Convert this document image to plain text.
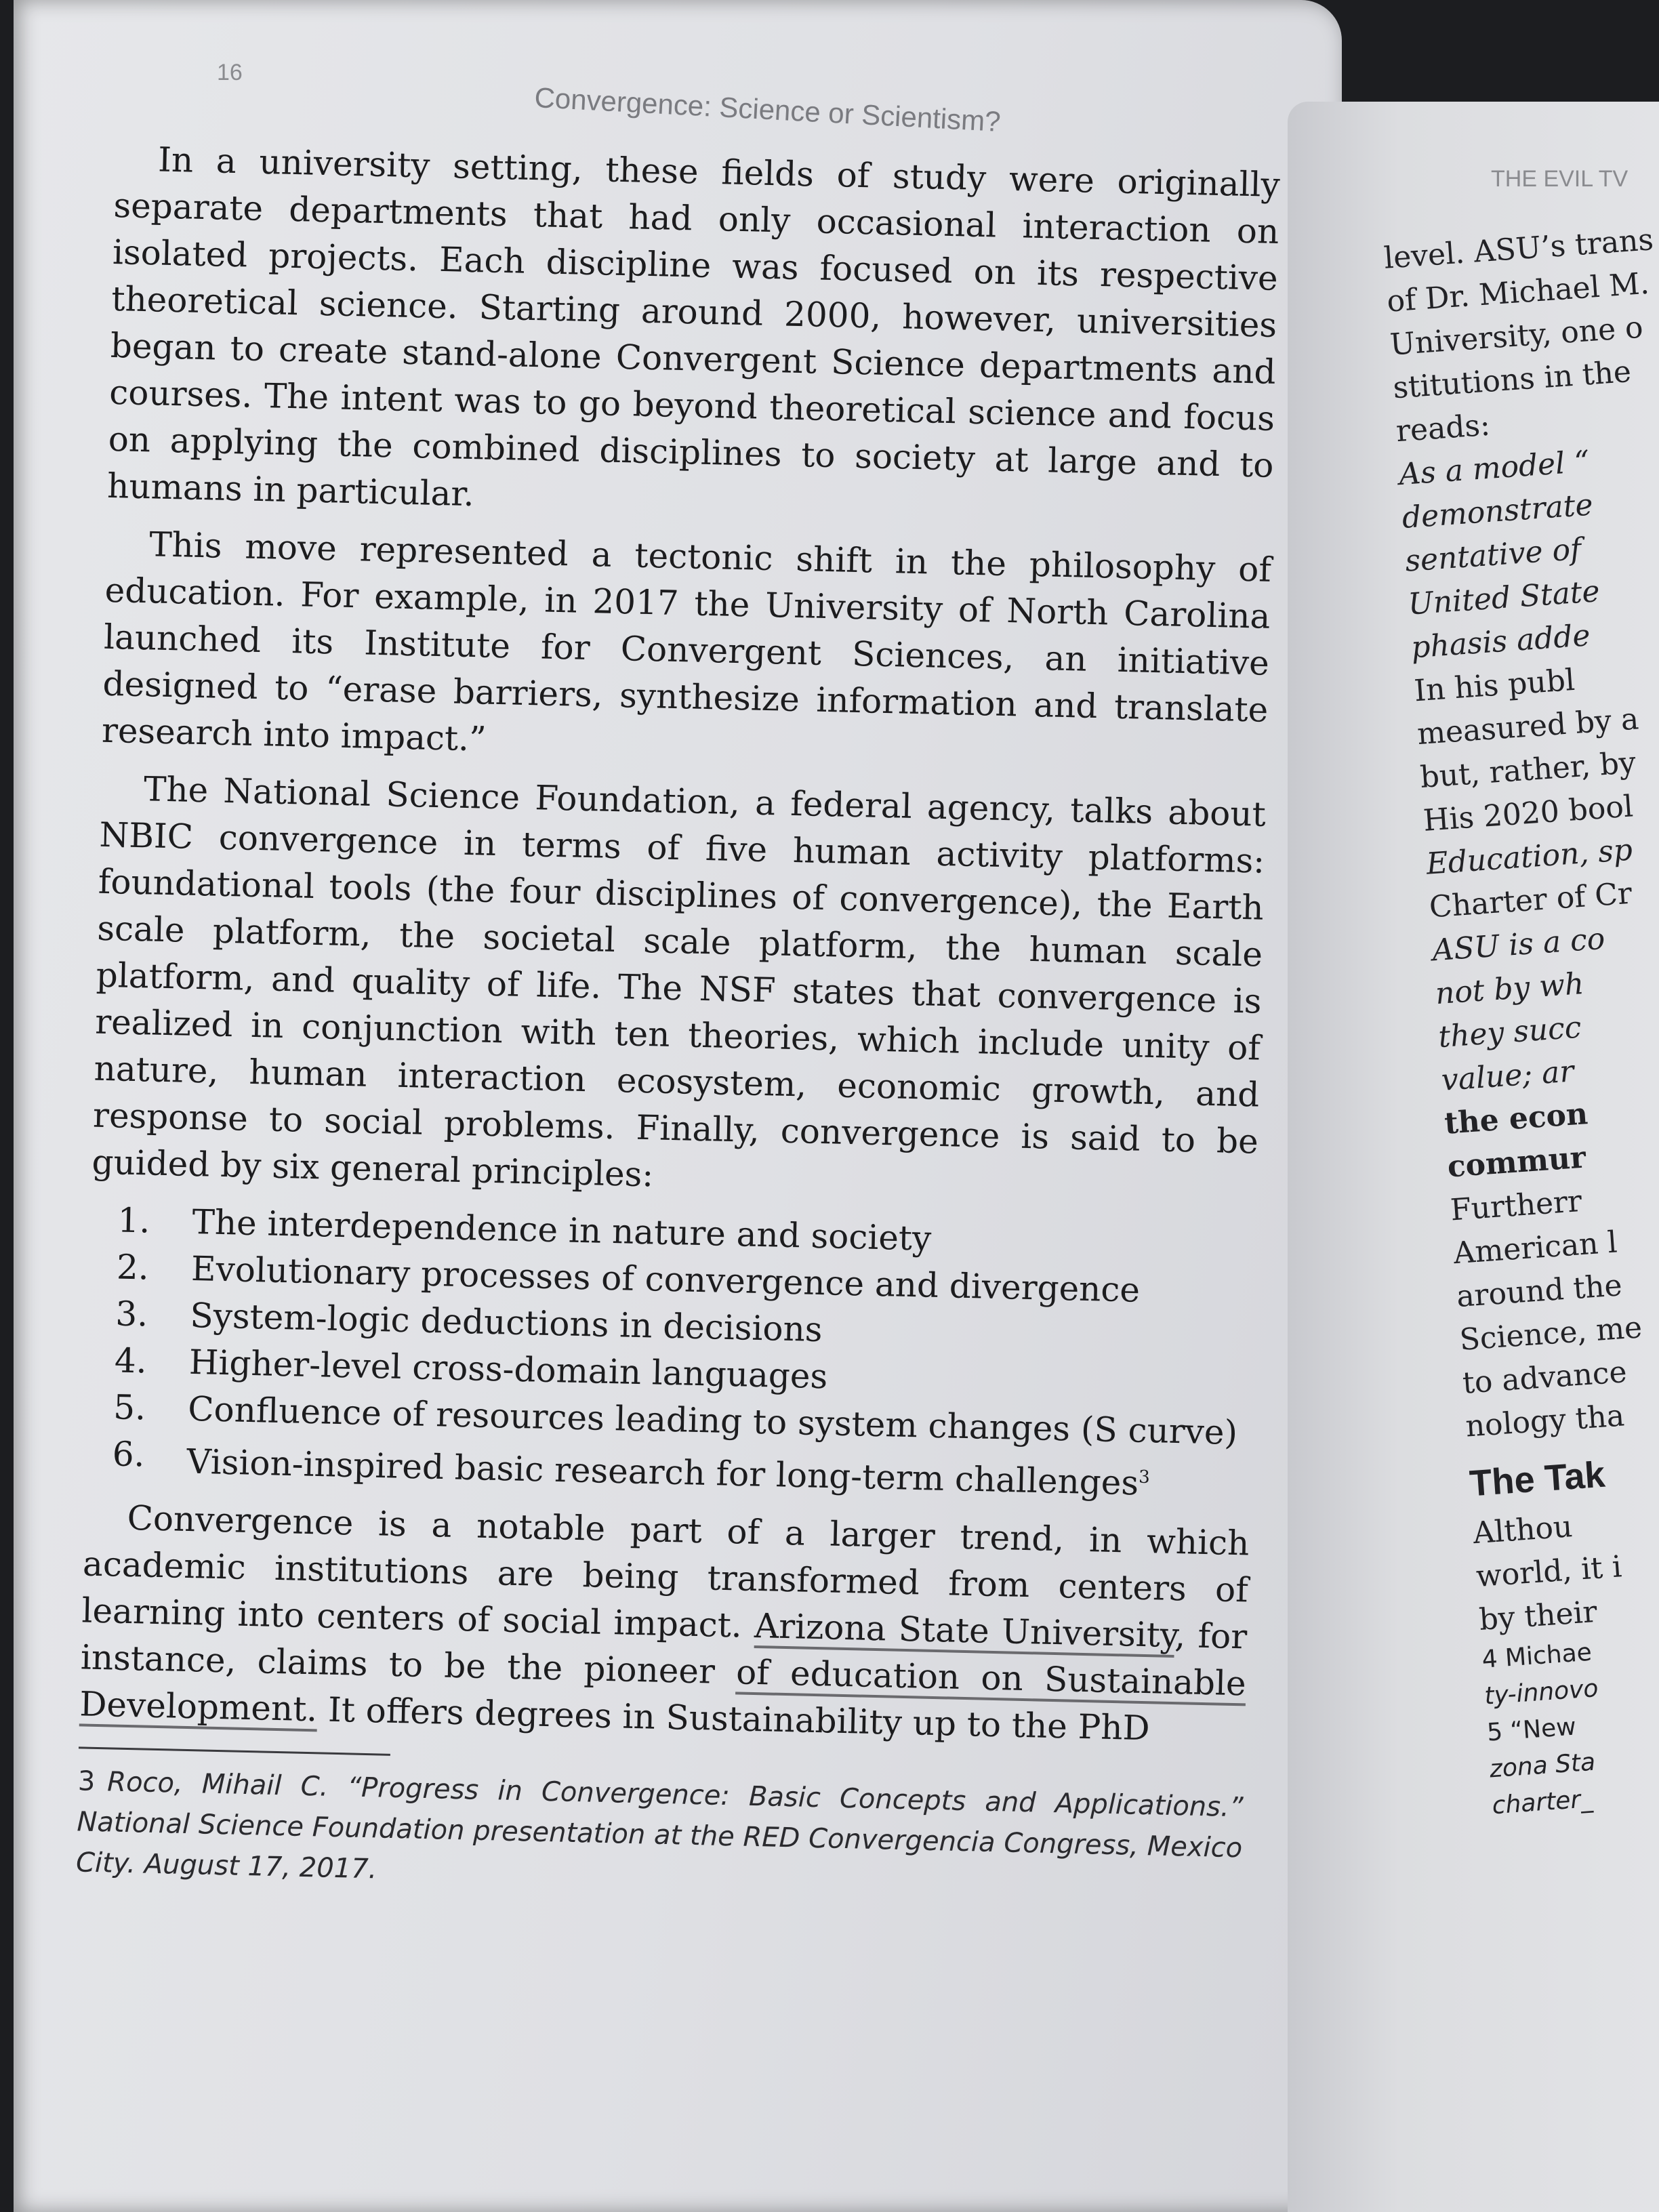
16
Convergence: Science or Scientism?

In a university setting, these fields of study were originally separate departments that had only occasional interaction on isolated projects. Each discipline was focused on its respective theoretical science. Starting around 2000, however, universities began to create stand-alone Convergent Science departments and courses. The intent was to go beyond theoretical science and focus on applying the combined disciplines to society at large and to humans in particular.

This move represented a tectonic shift in the philosophy of education. For example, in 2017 the University of North Carolina launched its Institute for Convergent Sciences, an initiative designed to “erase barriers, synthesize information and translate research into impact.”

The National Science Foundation, a federal agency, talks about NBIC convergence in terms of five human activity platforms: foundational tools (the four disciplines of convergence), the Earth scale platform, the societal scale platform, the human scale platform, and quality of life. The NSF states that convergence is realized in conjunction with ten theories, which include unity of nature, human interaction ecosystem, economic growth, and response to social problems. Finally, convergence is said to be guided by six general principles:

1.	The interdependence in nature and society
2.	Evolutionary processes of convergence and divergence
3.	System-logic deductions in decisions
4.	Higher-level cross-domain languages
5.	Confluence of resources leading to system changes (S curve)
6.	Vision-inspired basic research for long-term challenges$^3$

Convergence is a notable part of a larger trend, in which academic institutions are being transformed from centers of learning into centers of social impact. Arizona State University, for instance, claims to be the pioneer of education on Sustainable Development. It offers degrees in Sustainability up to the PhD

3 Roco, Mihail C. “Progress in Convergence: Basic Concepts and Applications.” National Science Foundation presentation at the RED Convergencia Congress, Mexico City. August 17, 2017.

THE EVIL TV
level. ASU’s trans
of Dr. Michael M.
University, one o
stitutions in the
reads:
As a model “
demonstrate
sentative of
United State
phasis adde
In his publ
measured by a
but, rather, by
His 2020 bool
Education, sp
Charter of Cr
ASU is a co
not by wh
they succ
value; ar
the econ
commur
Furtherr
American l
around the
Science, me
to advance
nology tha
The Tak
Althou
world, it i
by their
4 Michae
ty-innovo
5 “New
zona Sta
charter_
